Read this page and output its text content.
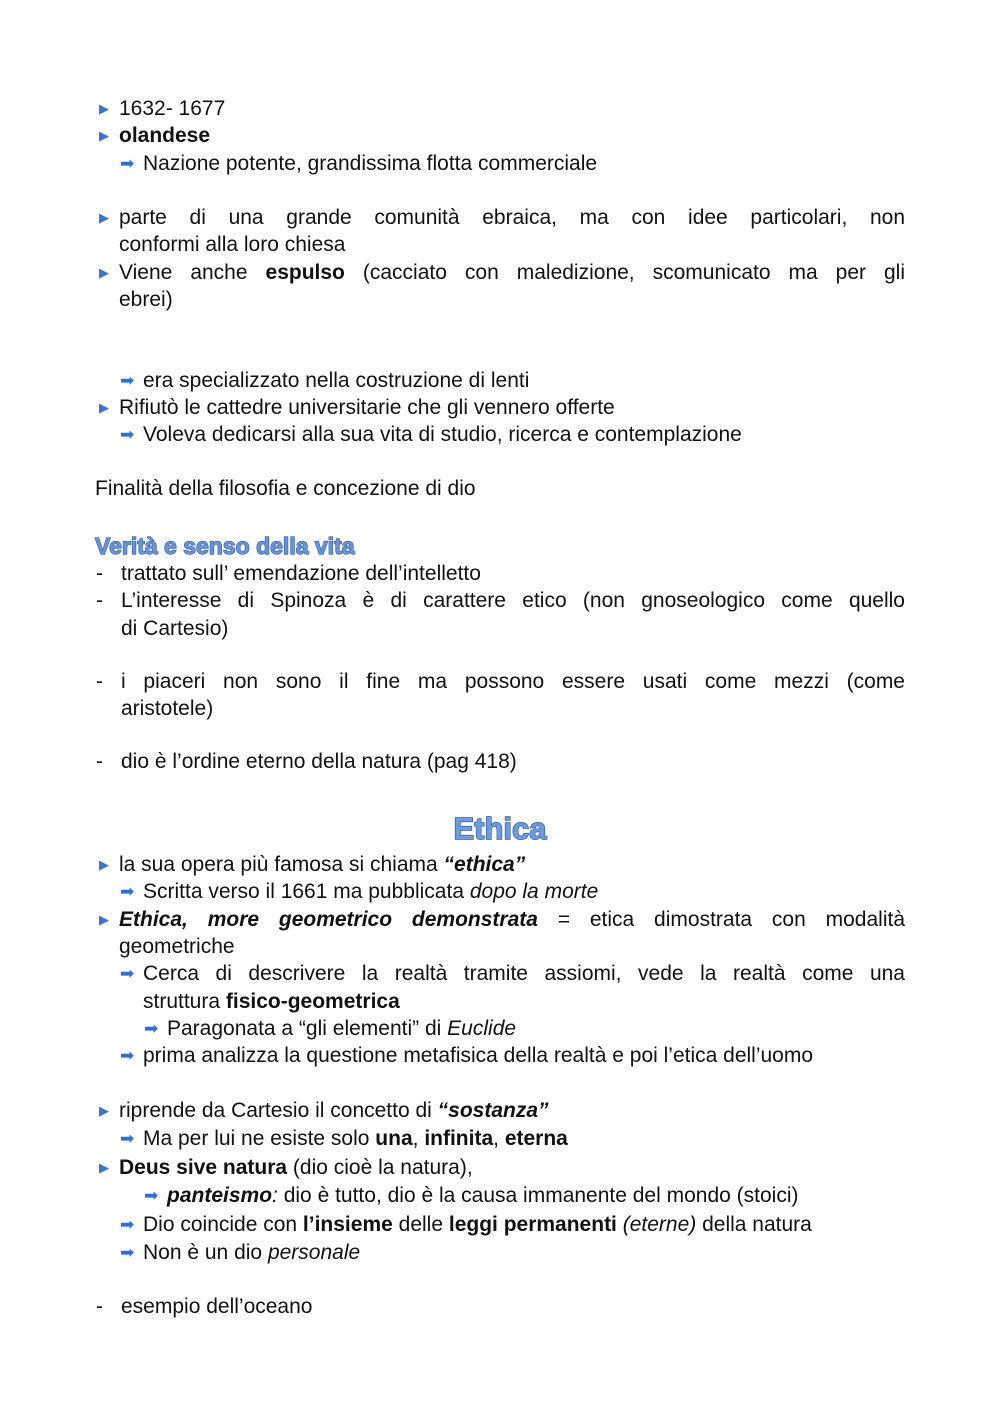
▶ 1632- 1677
▶ olandese
➡ Nazione potente, grandissima flotta commerciale
▶ parte di una grande comunità ebraica, ma con idee particolari, non
conformi alla loro chiesa
▶ Viene anche espulso (cacciato con maledizione, scomunicato ma per gli
ebrei)
➡ era specializzato nella costruzione di lenti
▶ Rifiutò le cattedre universitarie che gli vennero offerte
➡ Voleva dedicarsi alla sua vita di studio, ricerca e contemplazione
Finalità della filosofia e concezione di dio
Verità e senso della vita
- trattato sull’ emendazione dell’intelletto
- L’interesse di Spinoza è di carattere etico (non gnoseologico come quello
di Cartesio)
- i piaceri non sono il fine ma possono essere usati come mezzi (come
aristotele)
- dio è l’ordine eterno della natura (pag 418)
Ethica
▶ la sua opera più famosa si chiama “ethica”
➡ Scritta verso il 1661 ma pubblicata dopo la morte
▶ Ethica, more geometrico demonstrata = etica dimostrata con modalità
geometriche
➡ Cerca di descrivere la realtà tramite assiomi, vede la realtà come una
struttura fisico-geometrica
➡ Paragonata a “gli elementi” di Euclide
➡ prima analizza la questione metafisica della realtà e poi l’etica dell’uomo
▶ riprende da Cartesio il concetto di “sostanza”
➡ Ma per lui ne esiste solo una, infinita, eterna
▶ Deus sive natura (dio cioè la natura),
➡ panteismo: dio è tutto, dio è la causa immanente del mondo (stoici)
➡ Dio coincide con l’insieme delle leggi permanenti (eterne) della natura
➡ Non è un dio personale
- esempio dell’oceano
